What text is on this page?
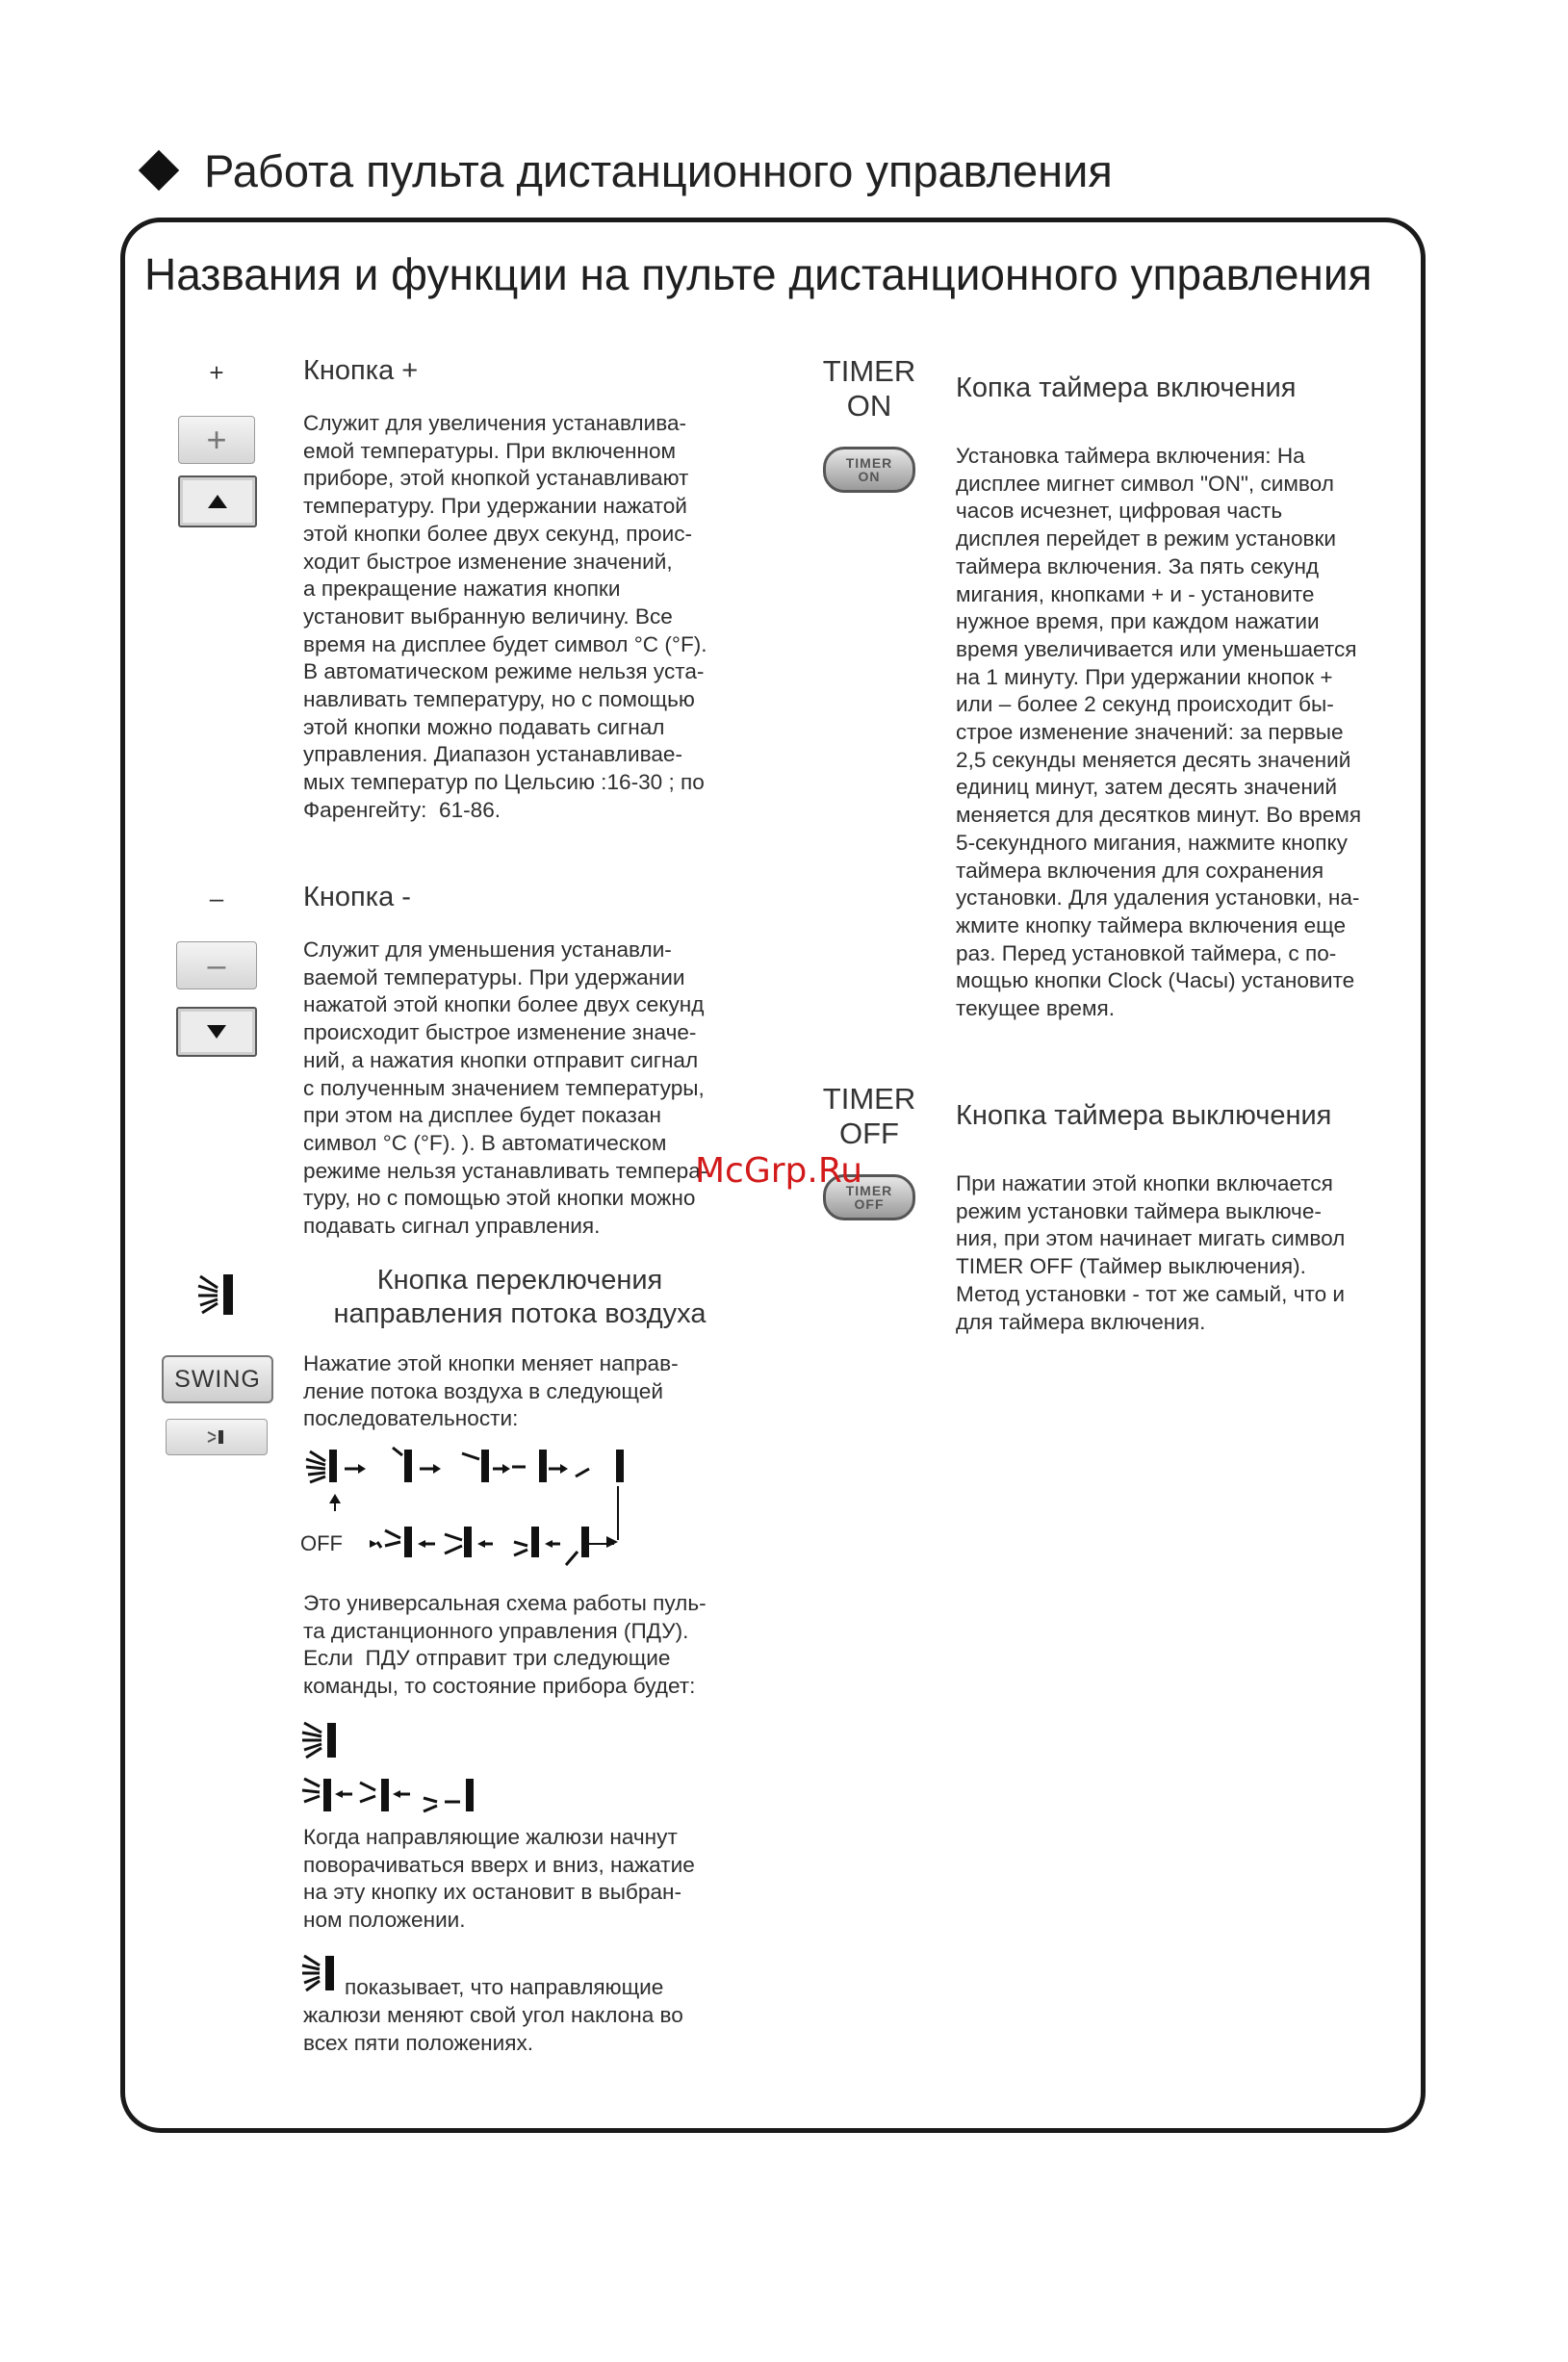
Работа пульта дистанционного управления
Названия и функции на пульте дистанционного управления
+	Кнопка +
+	Служит для увеличения устанавлива-
емой температуры. При включенном
приборе, этой кнопкой устанавливают
температуру. При удержании нажатой
этой кнопки более двух секунд, проис-
ходит быстрое изменение значений,
а прекращение нажатия кнопки
установит выбранную величину. Все
время на дисплее будет символ °C (°F).
В автоматическом режиме нельзя уста-
навливать температуру, но с помощью
этой кнопки можно подавать сигнал
управления. Диапазон устанавливае-
мых температур по Цельсию :16-30 ; по
Фаренгейту:  61-86.
–	Кнопка -
–	Служит для уменьшения устанавли-
ваемой температуры. При удержании
нажатой этой кнопки более двух секунд
происходит быстрое изменение значе-
ний, а нажатия кнопки отправит сигнал
с полученным значением температуры,
при этом на дисплее будет показан
символ °C (°F). ). В автоматическом
режиме нельзя устанавливать темпера-
туру, но с помощью этой кнопки можно
подавать сигнал управления.
Кнопка переключения
направления потока воздуха
SWING
Нажатие этой кнопки меняет направ-
ление потока воздуха в следующей
последовательности:
OFF
Это универсальная схема работы пуль-
та дистанционного управления (ПДУ).
Если  ПДУ отправит три следующие
команды, то состояние прибора будет:
Когда направляющие жалюзи начнут
поворачиваться вверх и вниз, нажатие
на эту кнопку их остановит в выбран-
ном положении.
показывает, что направляющие
жалюзи меняют свой угол наклона во
всех пяти положениях.
TIMER
ON
Копка таймера включения
TIMER
ON
Установка таймера включения: На
дисплее мигнет символ "ON", символ
часов исчезнет, цифровая часть
дисплея перейдет в режим установки
таймера включения. За пять секунд
мигания, кнопками + и - установите
нужное время, при каждом нажатии
время увеличивается или уменьшается
на 1 минуту. При удержании кнопок +
или – более 2 секунд происходит бы-
строе изменение значений: за первые
2,5 секунды меняется десять значений
единиц минут, затем десять значений
меняется для десятков минут. Во время
5-секундного мигания, нажмите кнопку
таймера включения для сохранения
установки. Для удаления установки, на-
жмите кнопку таймера включения еще
раз. Перед установкой таймера, с по-
мощью кнопки Clock (Часы) установите
текущее время.
TIMER
OFF
Кнопка таймера выключения
TIMER
OFF
При нажатии этой кнопки включается
режим установки таймера выключе-
ния, при этом начинает мигать символ
TIMER OFF (Таймер выключения).
Метод установки - тот же самый, что и
для таймера включения.
McGrp.Ru
